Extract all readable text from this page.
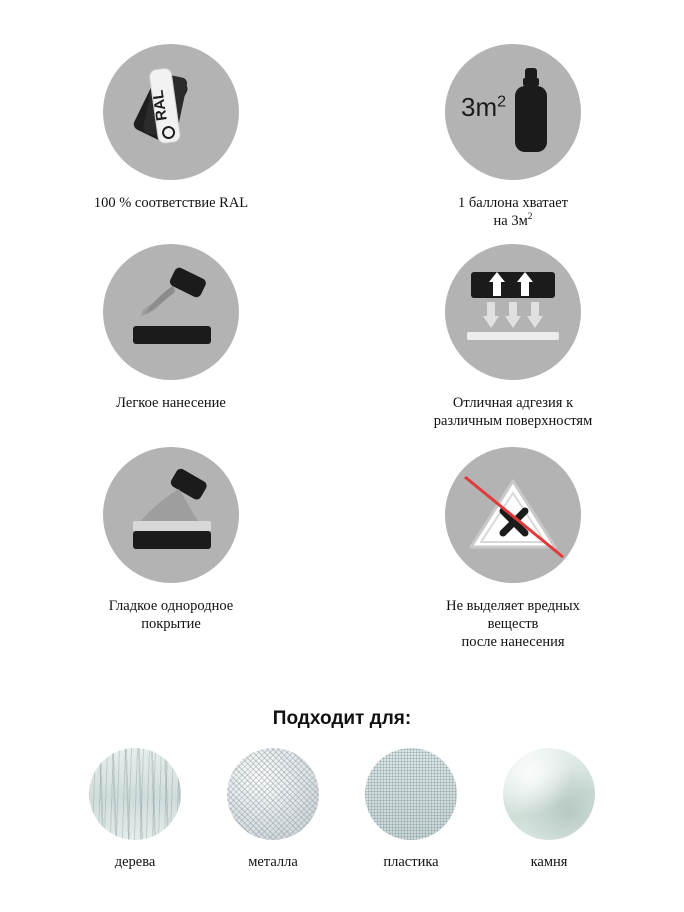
RAL
100 % соответствие RAL
$3m^2$
1 баллона хватает
на $3м^2$
Легкое нанесение	Отличная адгезия к
различным поверхностям
Гладкое однородное
покрытие
Не выделяет вредных
веществ
после нанесения
Подходит для:
дерева	металла	пластика	камня
